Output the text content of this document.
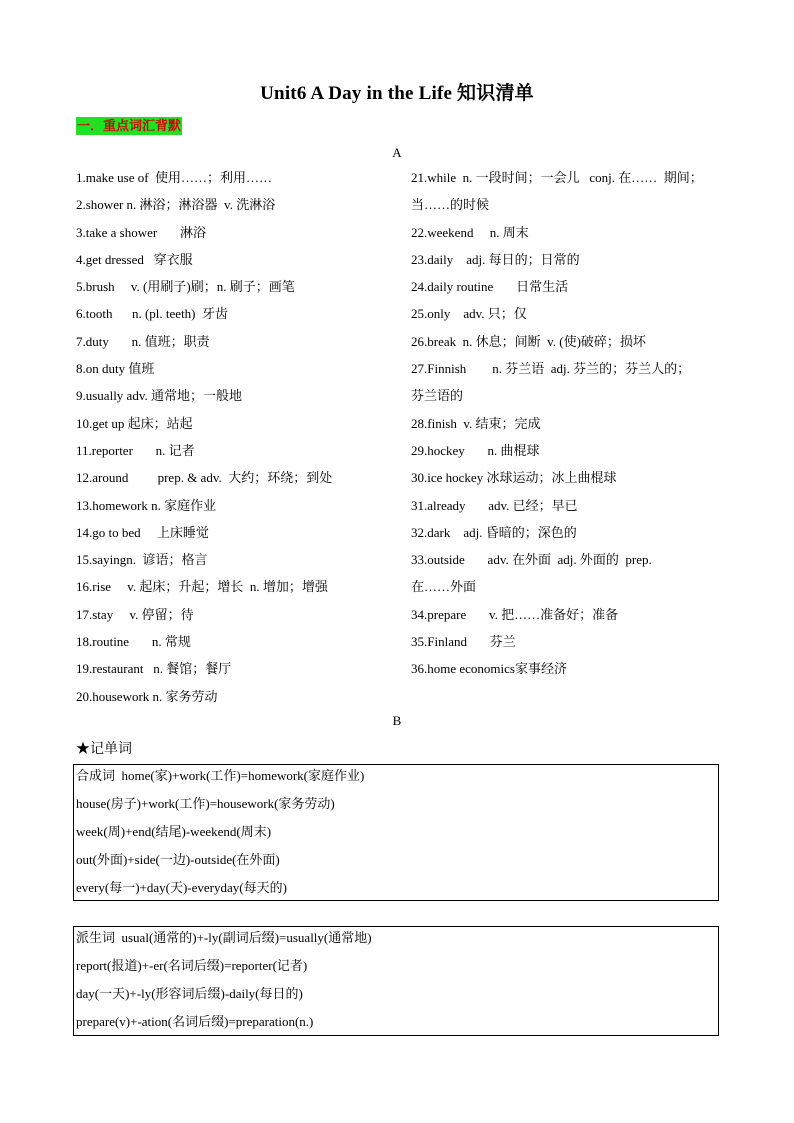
Unit6 A Day in the Life 知识清单
一．重点词汇背默
A
1.make use of  使用……；利用……
2.shower n. 淋浴；淋浴器  v. 洗淋浴
3.take a shower       淋浴
4.get dressed   穿衣服
5.brush     v. (用刷子)刷；n. 刷子；画笔
6.tooth      n. (pl. teeth)  牙齿
7.duty       n. 值班；职责
8.on duty 值班
9.usually adv. 通常地；一般地
10.get up 起床；站起
11.reporter       n. 记者
12.around         prep. & adv.  大约；环绕；到处
13.homework n. 家庭作业
14.go to bed     上床睡觉
15.sayingn.  谚语；格言
16.rise     v. 起床；升起；增长  n. 增加；增强
17.stay     v. 停留；待
18.routine       n. 常规
19.restaurant   n. 餐馆；餐厅
20.housework n. 家务劳动
21.while  n. 一段时间；一会儿   conj. 在……  期间；
当……的时候
22.weekend     n. 周末
23.daily    adj. 每日的；日常的
24.daily routine       日常生活
25.only    adv. 只；仅
26.break  n. 休息；间断  v. (使)破碎；损坏
27.Finnish        n. 芬兰语  adj. 芬兰的；芬兰人的；
芬兰语的
28.finish  v. 结束；完成
29.hockey       n. 曲棍球
30.ice hockey 冰球运动；冰上曲棍球
31.already       adv. 已经；早已
32.dark    adj. 昏暗的；深色的
33.outside       adv. 在外面  adj. 外面的  prep.
在……外面
34.prepare       v. 把……准备好；准备
35.Finland       芬兰
36.home economics家事经济
B
★记单词
合成词  home(家)+work(工作)=homework(家庭作业)
house(房子)+work(工作)=housework(家务劳动)
week(周)+end(结尾)-weekend(周末)
out(外面)+side(一边)-outside(在外面)
every(每一)+day(天)-everyday(每天的)
派生词  usual(通常的)+-ly(副词后缀)=usually(通常地)
report(报道)+-er(名词后缀)=reporter(记者)
day(一天)+-ly(形容词后缀)-daily(每日的)
prepare(v)+-ation(名词后缀)=preparation(n.)
